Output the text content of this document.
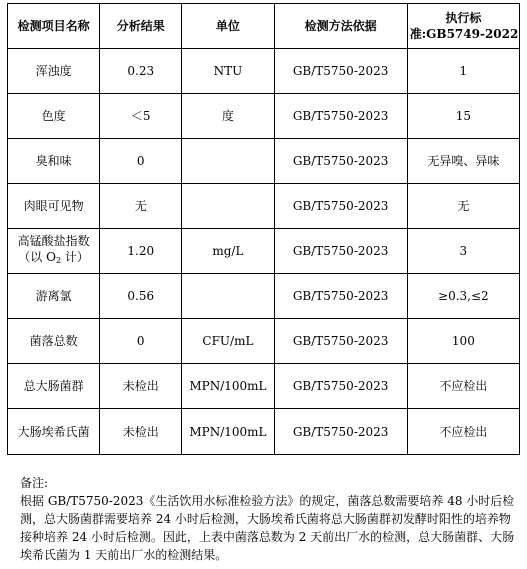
检测项目名称	分析结果	单位	检测方法依据	执行标
准:GB5749-2022

浑浊度	0.23	NTU	GB/T5750-2023	1
色度	＜5	度	GB/T5750-2023	15
臭和味	0		GB/T5750-2023	无异嗅、异味
肉眼可见物	无		GB/T5750-2023	无
高锰酸盐指数
（以 $O_2$ 计）	1.20	mg/L	GB/T5750-2023	3
游离氯	0.56		GB/T5750-2023	≥0.3,≤2
菌落总数	0	CFU/mL	GB/T5750-2023	100
总大肠菌群	未检出	MPN/100mL	GB/T5750-2023	不应检出
大肠埃希氏菌	未检出	MPN/100mL	GB/T5750-2023	不应检出
备注:
根据 GB/T5750-2023《生活饮用水标准检验方法》的规定，菌落总数需要培养 48 小时后检测，总大肠菌群需要培养 24 小时后检测，大肠埃希氏菌将总大肠菌群初发酵时阳性的培养物接种培养 24 小时后检测。因此，上表中菌落总数为 2 天前出厂水的检测，总大肠菌群、大肠埃希氏菌为 1 天前出厂水的检测结果。
